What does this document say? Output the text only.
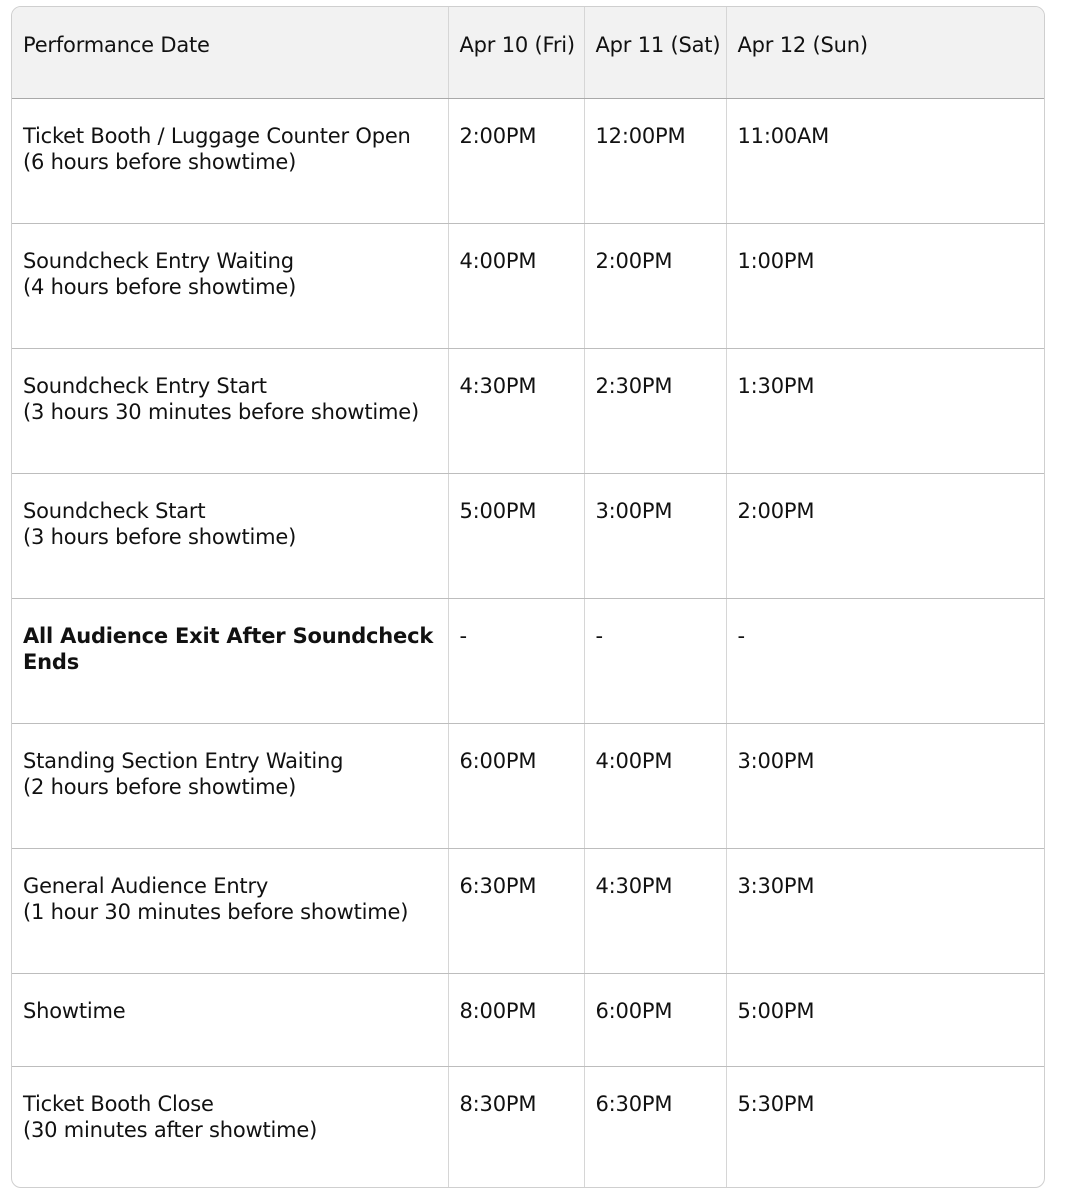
Performance Date	Apr 10 (Fri)	Apr 11 (Sat)	Apr 12 (Sun)

Ticket Booth / Luggage Counter Open
(6 hours before showtime)	2:00PM	12:00PM	11:00AM

Soundcheck Entry Waiting
(4 hours before showtime)	4:00PM	2:00PM	1:00PM

Soundcheck Entry Start
(3 hours 30 minutes before showtime)	4:30PM	2:30PM	1:30PM

Soundcheck Start
(3 hours before showtime)	5:00PM	3:00PM	2:00PM

All Audience Exit After Soundcheck Ends	-	-	-

Standing Section Entry Waiting
(2 hours before showtime)	6:00PM	4:00PM	3:00PM

General Audience Entry
(1 hour 30 minutes before showtime)	6:30PM	4:30PM	3:30PM

Showtime	8:00PM	6:00PM	5:00PM

Ticket Booth Close
(30 minutes after showtime)	8:30PM	6:30PM	5:30PM
